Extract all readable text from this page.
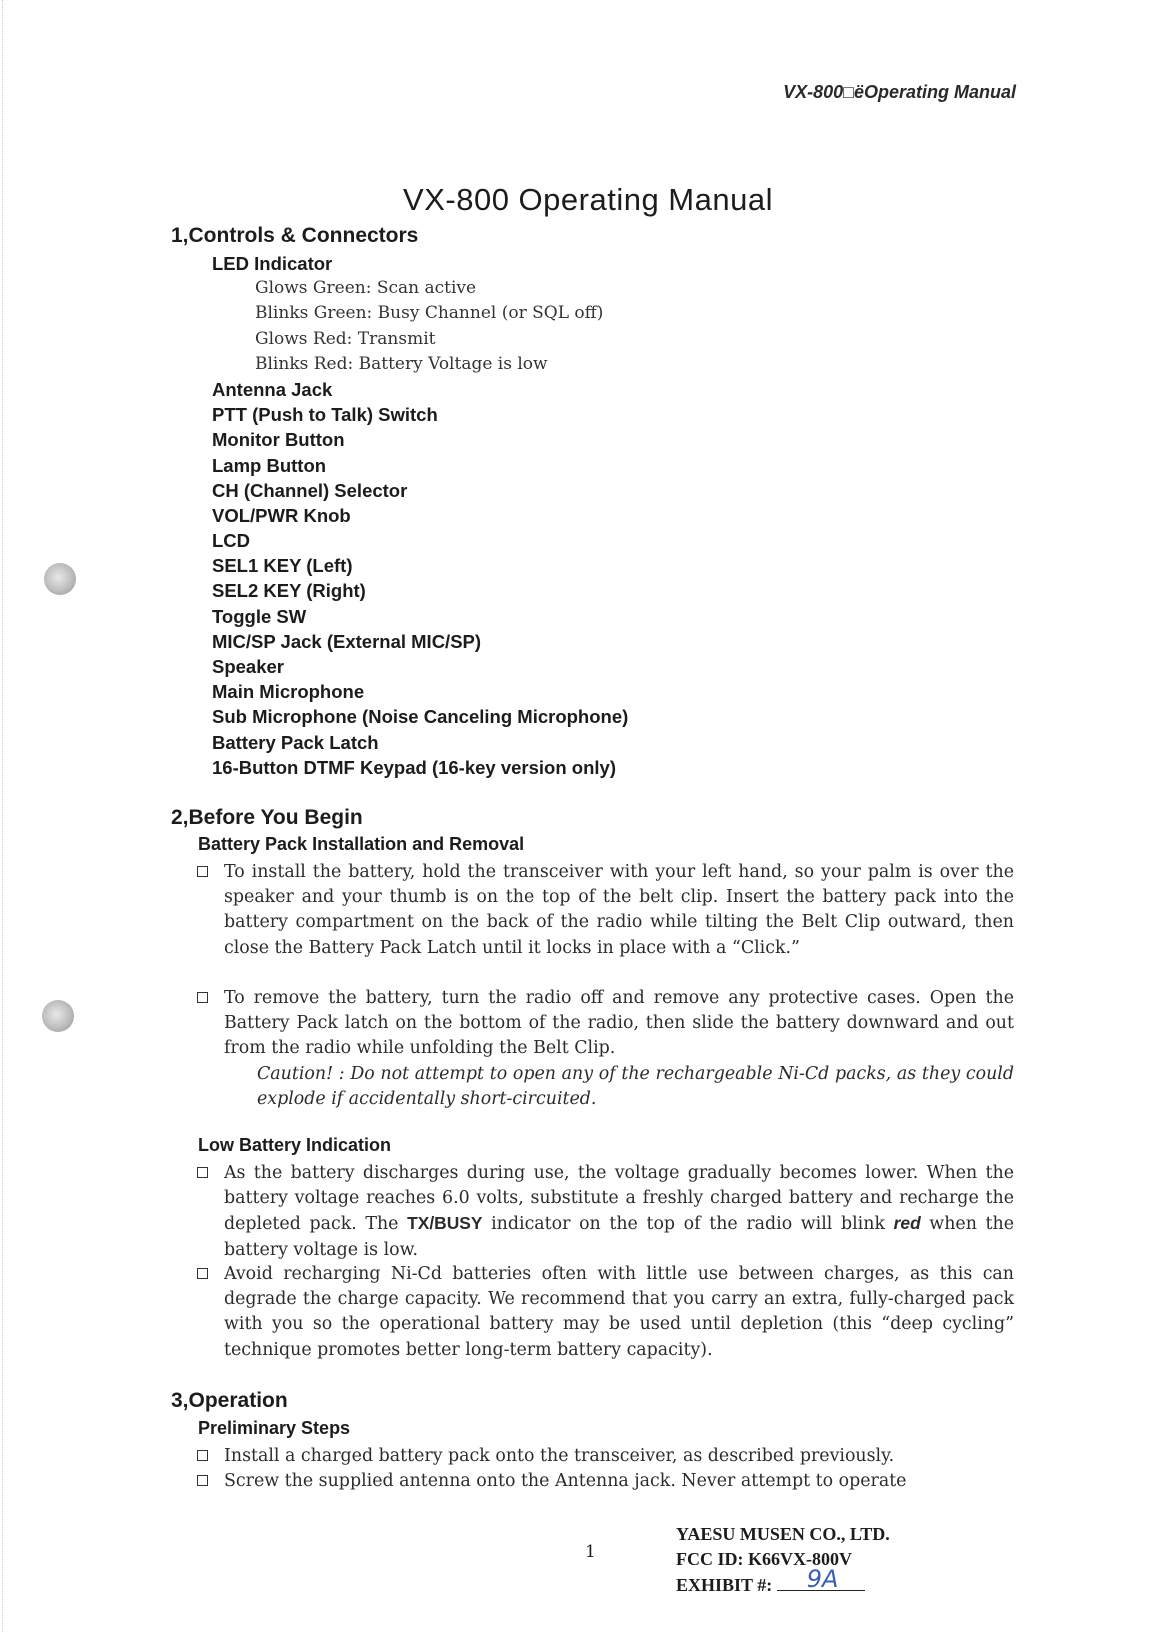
VX-800□ëOperating Manual
VX-800 Operating Manual
1,Controls & Connectors
LED Indicator
Glows Green: Scan active
Blinks Green: Busy Channel (or SQL off)
Glows Red: Transmit
Blinks Red: Battery Voltage is low
Antenna Jack
PTT (Push to Talk) Switch
Monitor Button
Lamp Button
CH (Channel) Selector
VOL/PWR Knob
LCD
SEL1 KEY (Left)
SEL2 KEY (Right)
Toggle SW
MIC/SP Jack (External MIC/SP)
Speaker
Main Microphone
Sub Microphone (Noise Canceling Microphone)
Battery Pack Latch
16-Button DTMF Keypad (16-key version only)
2,Before You Begin
Battery Pack Installation and Removal
To install the battery, hold the transceiver with your left hand, so your palm is over the speaker and your thumb is on the top of the belt clip. Insert the battery pack into the battery compartment on the back of the radio while tilting the Belt Clip outward, then close the Battery Pack Latch until it locks in place with a “Click.”
To remove the battery, turn the radio off and remove any protective cases. Open the Battery Pack latch on the bottom of the radio, then slide the battery downward and out from the radio while unfolding the Belt Clip.
Caution! : Do not attempt to open any of the rechargeable Ni-Cd packs, as they could explode if accidentally short-circuited.
Low Battery Indication
As the battery discharges during use, the voltage gradually becomes lower. When the battery voltage reaches 6.0 volts, substitute a freshly charged battery and recharge the depleted pack. The TX/BUSY indicator on the top of the radio will blink red when the battery voltage is low.
Avoid recharging Ni-Cd batteries often with little use between charges, as this can degrade the charge capacity. We recommend that you carry an extra, fully-charged pack with you so the operational battery may be used until depletion (this “deep cycling” technique promotes better long-term battery capacity).
3,Operation
Preliminary Steps
Install a charged battery pack onto the transceiver, as described previously.
Screw the supplied antenna onto the Antenna jack. Never attempt to operate
1
YAESU MUSEN CO., LTD.
FCC ID: K66VX-800V
EXHIBIT #: 9A
